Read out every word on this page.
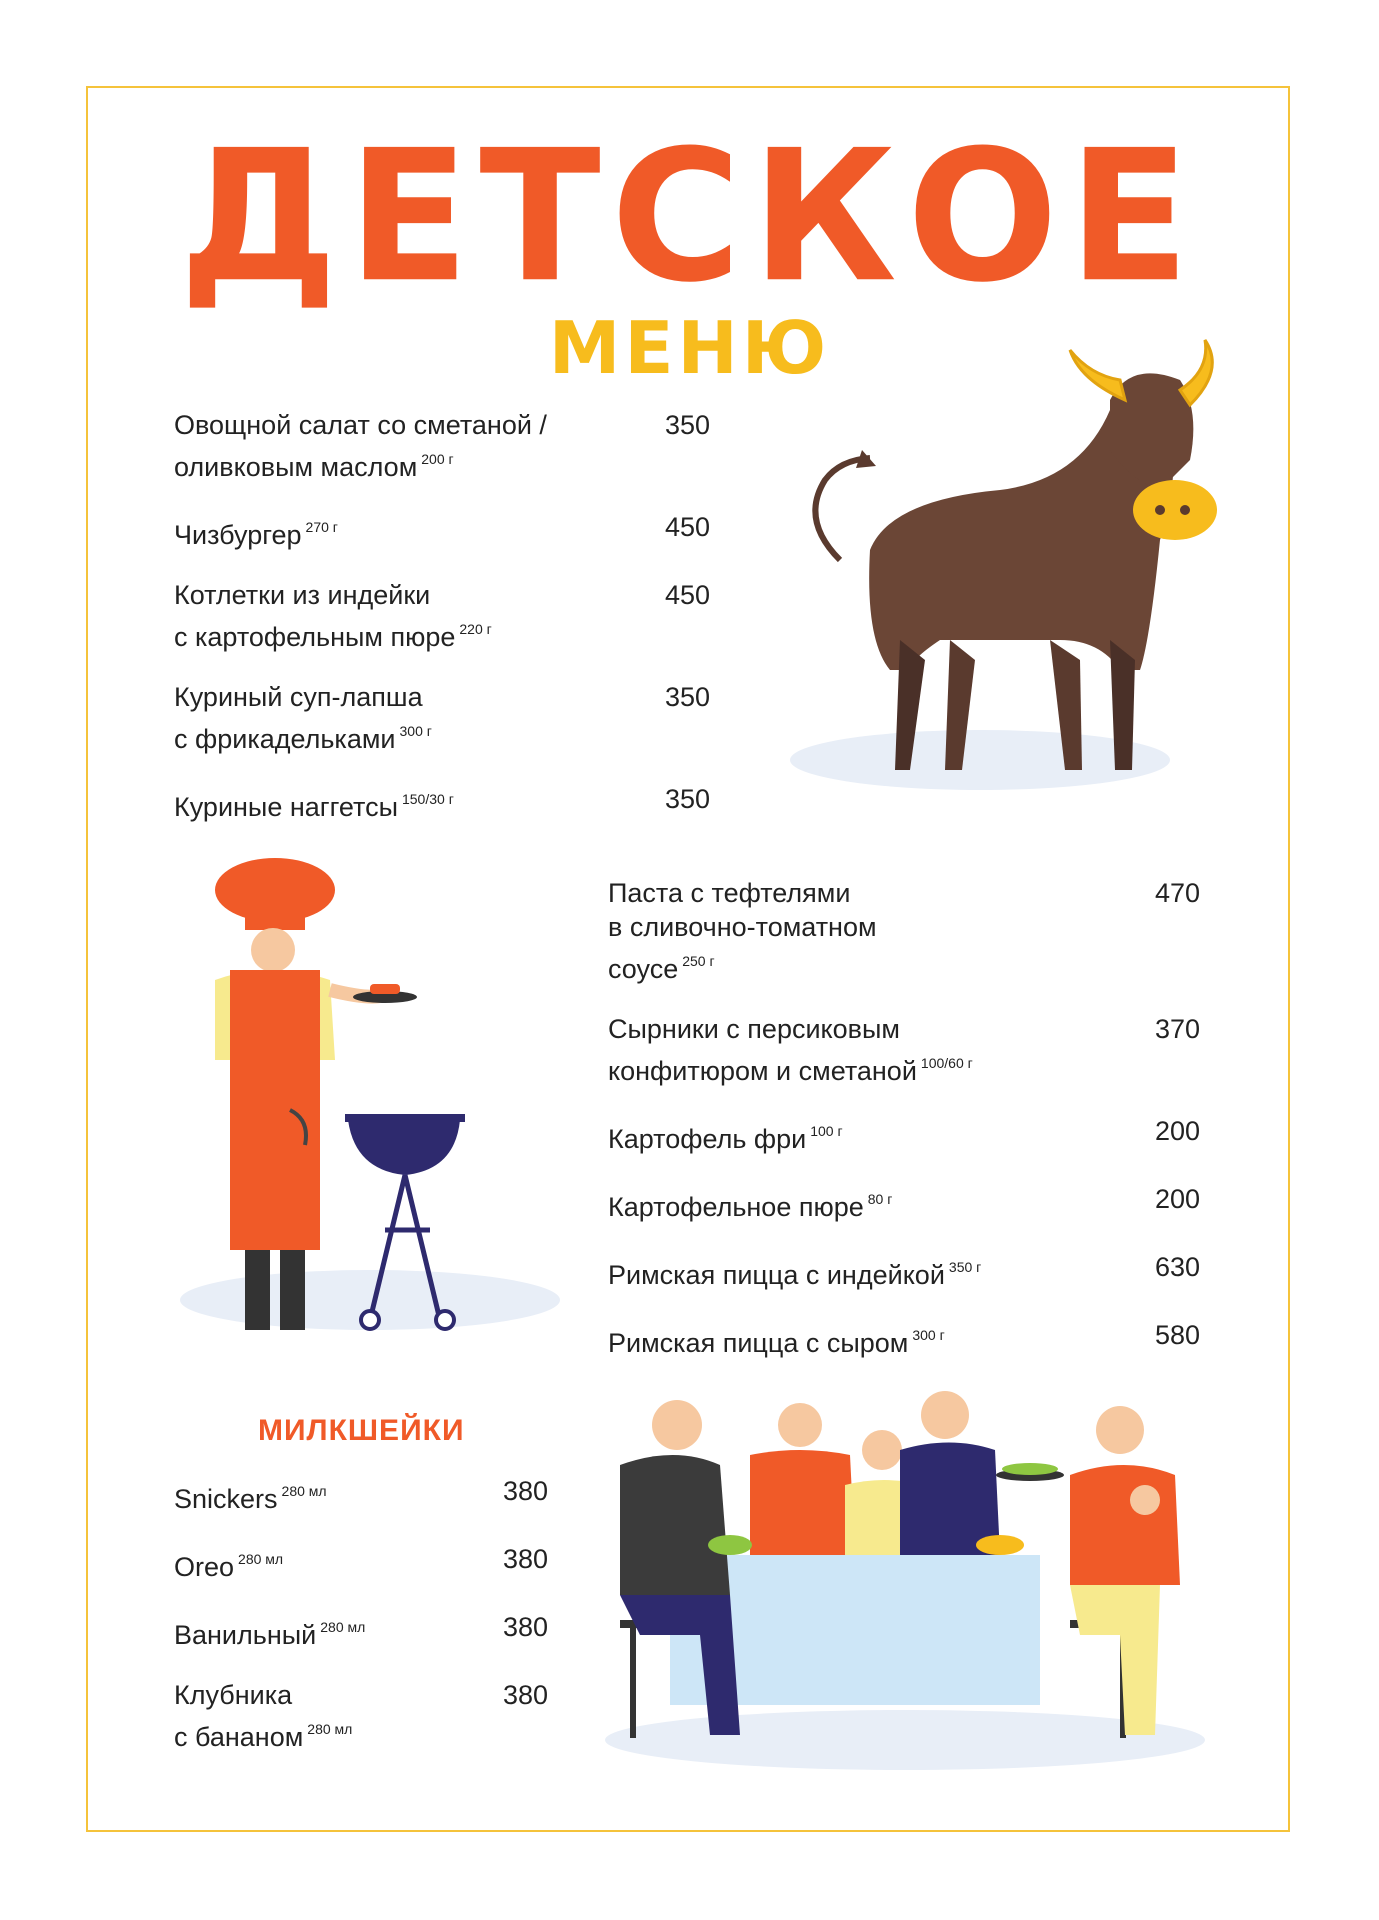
ДЕТСКОЕ
МЕНЮ
Овощной салат со сметаной /
оливковым маслом $^{200 г}$
350
Чизбургер $^{270 г}$	450
Котлетки из индейки
с картофельным пюре $^{220 г}$
450
Куриный суп-лапша
с фрикадельками $^{300 г}$
350
Куриные наггетсы $^{150/30 г}$	350
Паста с тефтелями
в сливочно-томатном
соусе $^{250 г}$
470
Сырники с персиковым
конфитюром и сметаной $^{100/60 г}$
370
Картофель фри $^{100 г}$	200
Картофельное пюре $^{80 г}$	200
Римская пицца с индейкой $^{350 г}$	630
Римская пицца с сыром $^{300 г}$	580
МИЛКШЕЙКИ
Snickers $^{280 мл}$	380
Oreo $^{280 мл}$	380
Ванильный $^{280 мл}$	380
Клубника
с бананом $^{280 мл}$
380
